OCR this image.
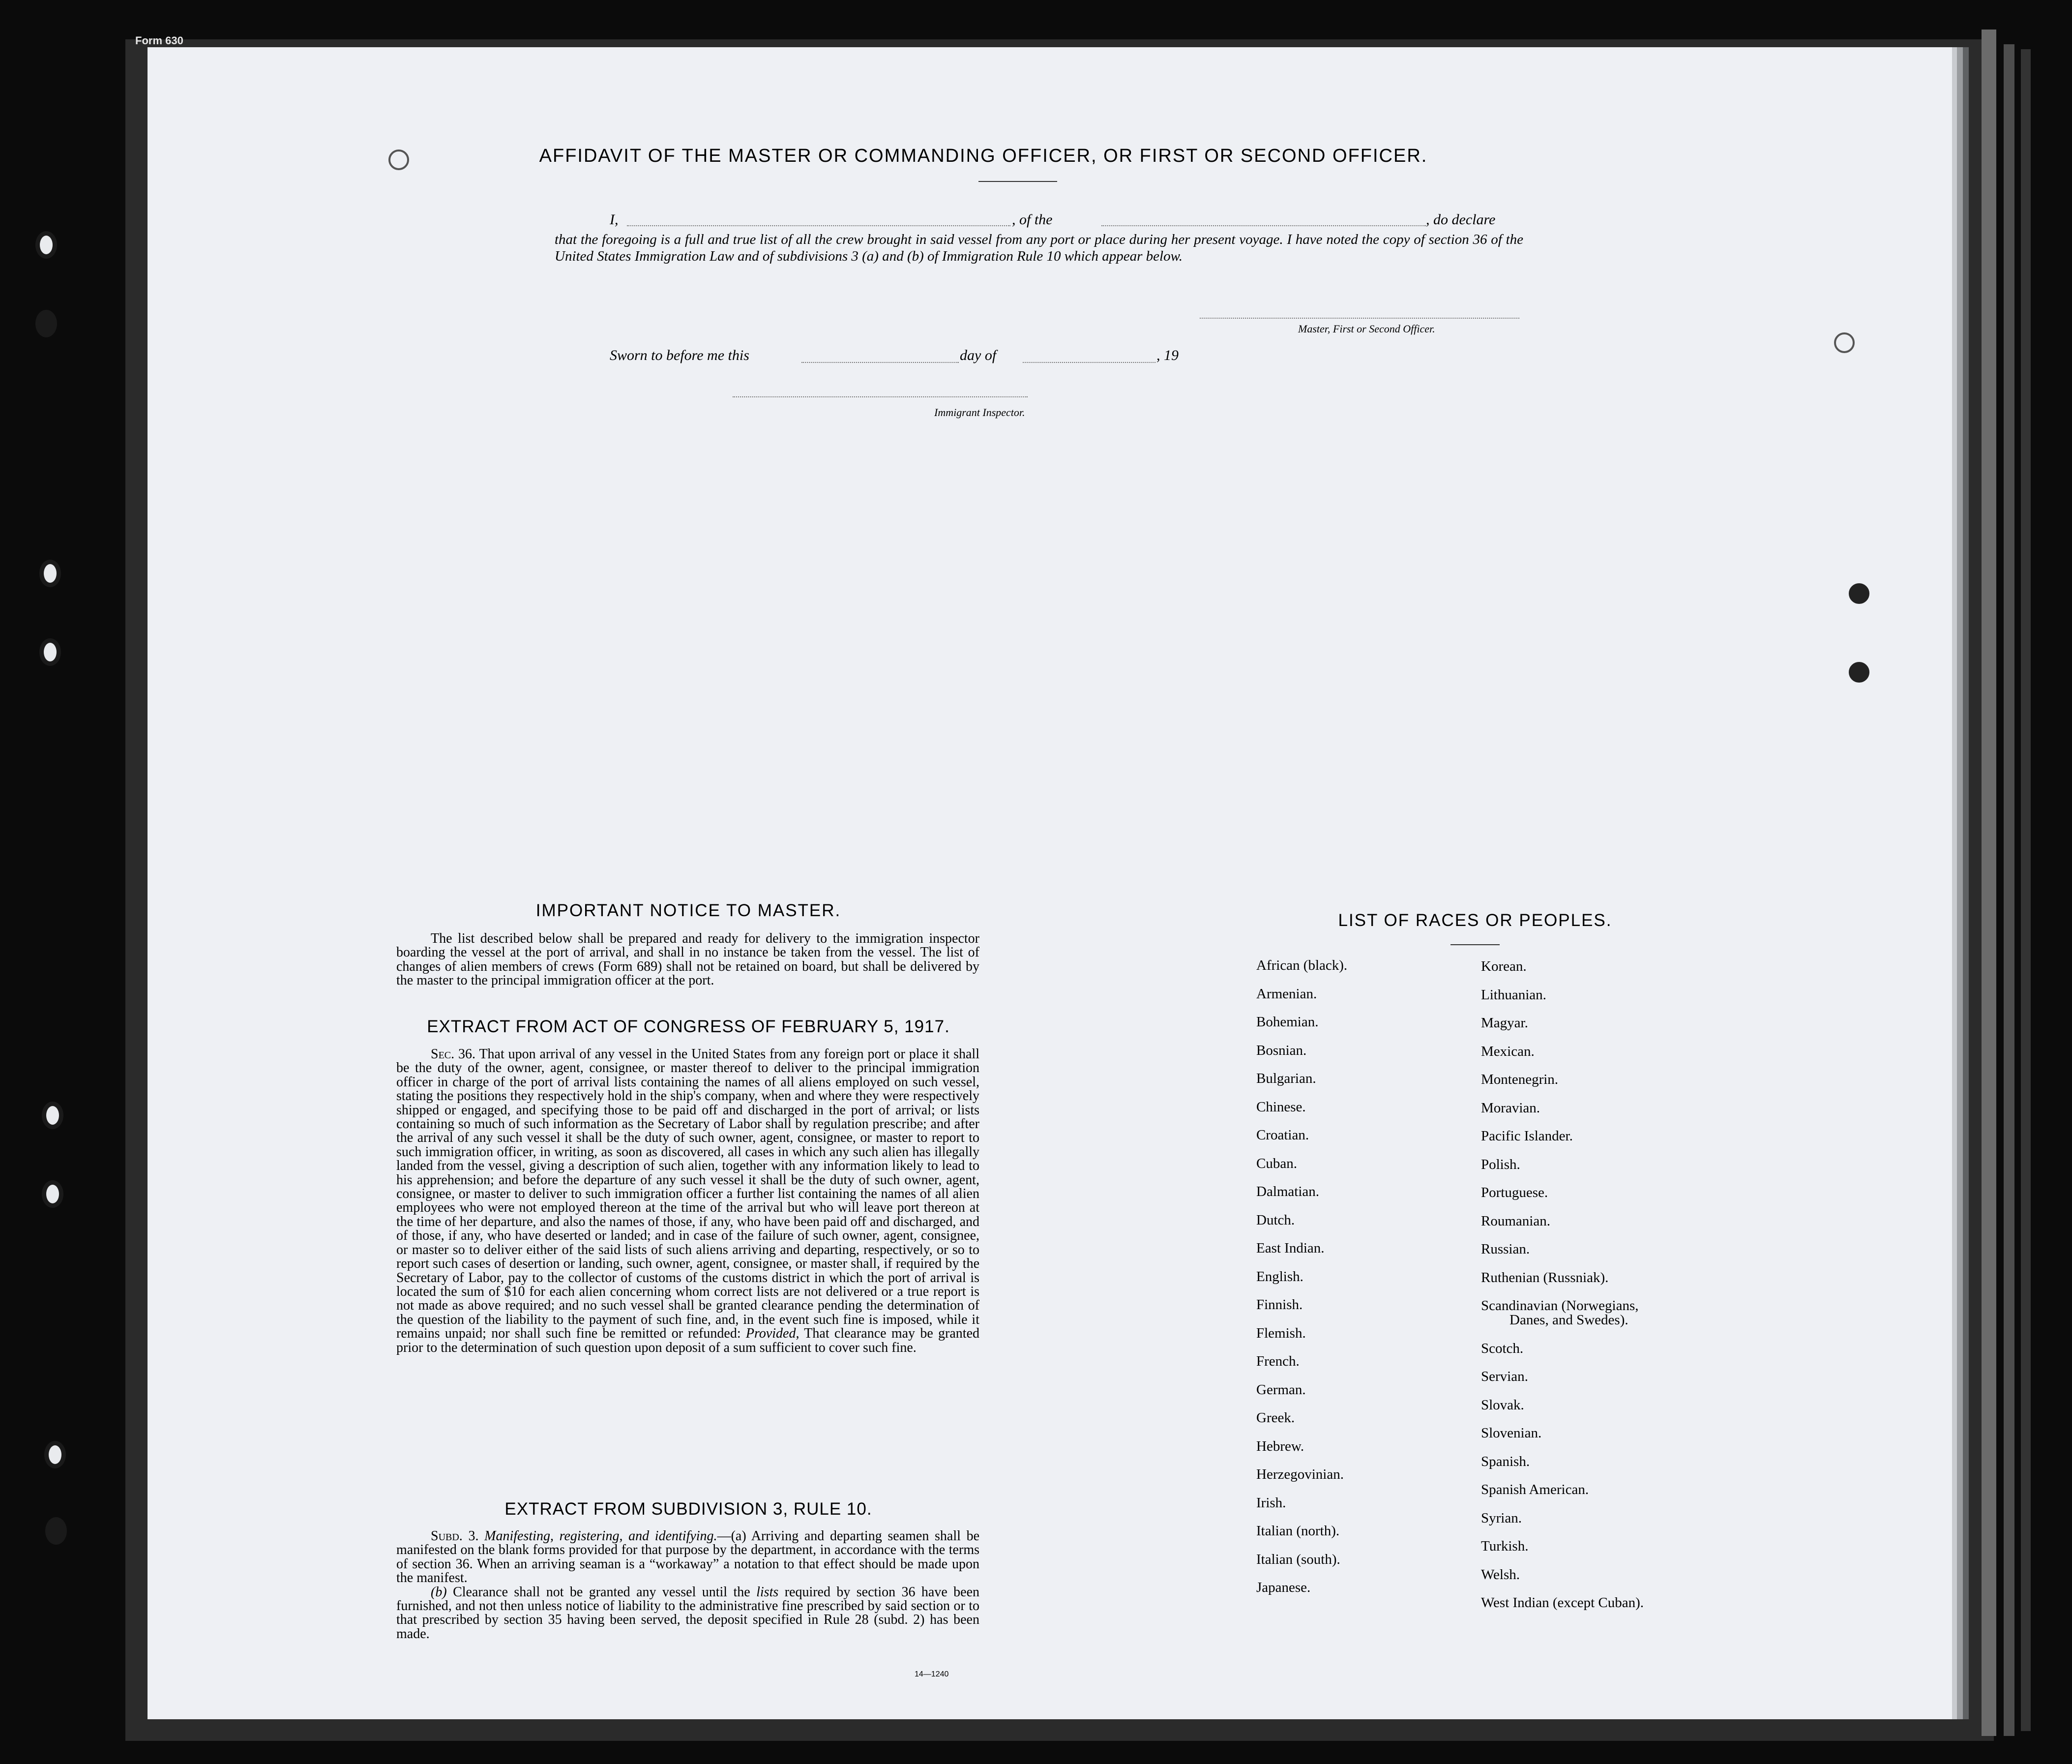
Form 630
AFFIDAVIT OF THE MASTER OR COMMANDING OFFICER, OR FIRST OR SECOND OFFICER.
I,	, of the	, do declare
that the foregoing is a full and true list of all the crew brought in said vessel from any port or place during her present voyage. I have noted the copy of section 36 of the United States Immigration Law and of subdivisions 3 (a) and (b) of Immigration Rule 10 which appear below.
Master, First or Second Officer.
Sworn to before me this	day of	, 19
Immigrant Inspector.
IMPORTANT NOTICE TO MASTER.

The list described below shall be prepared and ready for delivery to the immigration inspector boarding the vessel at the port of arrival, and shall in no instance be taken from the vessel. The list of changes of alien members of crews (Form 689) shall not be retained on board, but shall be delivered by the master to the principal immigration officer at the port.

EXTRACT FROM ACT OF CONGRESS OF FEBRUARY 5, 1917.

Sec. 36. That upon arrival of any vessel in the United States from any foreign port or place it shall be the duty of the owner, agent, consignee, or master thereof to deliver to the principal immigration officer in charge of the port of arrival lists containing the names of all aliens employed on such vessel, stating the positions they respectively hold in the ship's company, when and where they were respectively shipped or engaged, and specifying those to be paid off and discharged in the port of arrival; or lists containing so much of such information as the Secretary of Labor shall by regulation prescribe; and after the arrival of any such vessel it shall be the duty of such owner, agent, consignee, or master to report to such immigration officer, in writing, as soon as discovered, all cases in which any such alien has illegally landed from the vessel, giving a description of such alien, together with any information likely to lead to his apprehension; and before the departure of any such vessel it shall be the duty of such owner, agent, consignee, or master to deliver to such immigration officer a further list containing the names of all alien employees who were not employed thereon at the time of the arrival but who will leave port thereon at the time of her departure, and also the names of those, if any, who have been paid off and discharged, and of those, if any, who have deserted or landed; and in case of the failure of such owner, agent, consignee, or master so to deliver either of the said lists of such aliens arriving and departing, respectively, or so to report such cases of desertion or landing, such owner, agent, consignee, or master shall, if required by the Secretary of Labor, pay to the collector of customs of the customs district in which the port of arrival is located the sum of $10 for each alien concerning whom correct lists are not delivered or a true report is not made as above required; and no such vessel shall be granted clearance pending the determination of the question of the liability to the payment of such fine, and, in the event such fine is imposed, while it remains unpaid; nor shall such fine be remitted or refunded: Provided, That clearance may be granted prior to the determination of such question upon deposit of a sum sufficient to cover such fine.

EXTRACT FROM SUBDIVISION 3, RULE 10.

Subd. 3. Manifesting, registering, and identifying.—(a) Arriving and departing seamen shall be manifested on the blank forms provided for that purpose by the department, in accordance with the terms of section 36. When an arriving seaman is a “workaway” a notation to that effect should be made upon the manifest.

(b) Clearance shall not be granted any vessel until the lists required by section 36 have been furnished, and not then unless notice of liability to the administrative fine prescribed by said section or to that prescribed by section 35 having been served, the deposit specified in Rule 28 (subd. 2) has been made.

14—1240
LIST OF RACES OR PEOPLES.
African (black).
Armenian.
Bohemian.
Bosnian.
Bulgarian.
Chinese.
Croatian.
Cuban.
Dalmatian.
Dutch.
East Indian.
English.
Finnish.
Flemish.
French.
German.
Greek.
Hebrew.
Herzegovinian.
Irish.
Italian (north).
Italian (south).
Japanese.
Korean.
Lithuanian.
Magyar.
Mexican.
Montenegrin.
Moravian.
Pacific Islander.
Polish.
Portuguese.
Roumanian.
Russian.
Ruthenian (Russniak).
Scandinavian (Norwegians,
Danes, and Swedes).
Scotch.
Servian.
Slovak.
Slovenian.
Spanish.
Spanish American.
Syrian.
Turkish.
Welsh.
West Indian (except Cuban).
